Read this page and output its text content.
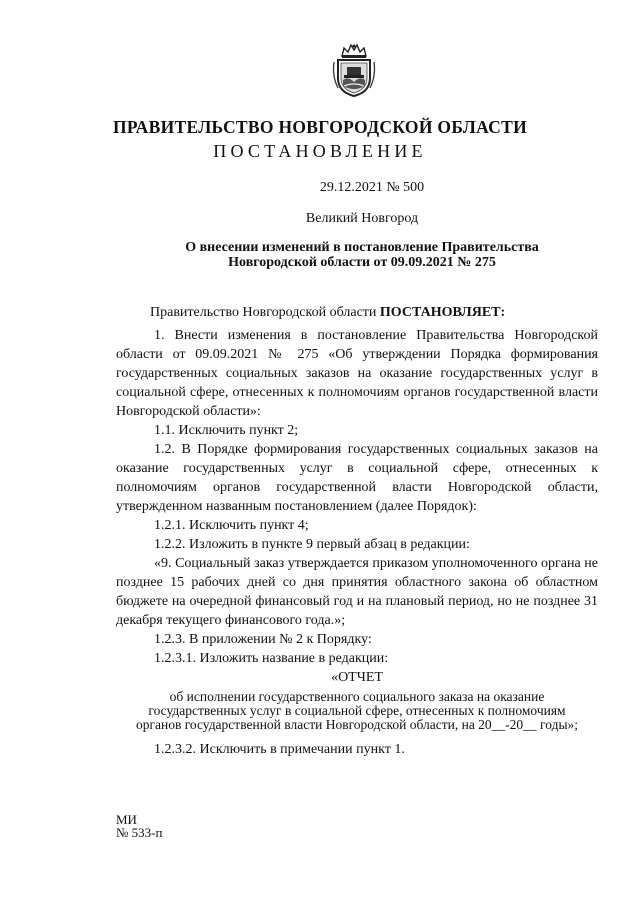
ПРАВИТЕЛЬСТВО НОВГОРОДСКОЙ ОБЛАСТИ
ПОСТАНОВЛЕНИЕ
29.12.2021 № 500
Великий Новгород
О внесении изменений в постановление Правительства
Новгородской области от 09.09.2021 № 275

Правительство Новгородской области ПОСТАНОВЛЯЕТ:

1. Внести изменения в постановление Правительства Новгородской области от 09.09.2021 № 275 «Об утверждении Порядка формирования государственных социальных заказов на оказание государственных услуг в социальной сфере, отнесенных к полномочиям органов государственной власти Новгородской области»:

1.1. Исключить пункт 2;

1.2. В Порядке формирования государственных социальных заказов на оказание государственных услуг в социальной сфере, отнесенных к полномочиям органов государственной власти Новгородской области, утвержденном названным постановлением (далее Порядок):

1.2.1. Исключить пункт 4;

1.2.2. Изложить в пункте 9 первый абзац в редакции:

«9. Социальный заказ утверждается приказом уполномоченного органа не позднее 15 рабочих дней со дня принятия областного закона об областном бюджете на очередной финансовый год и на плановый период, но не позднее 31 декабря текущего финансового года.»;

1.2.3. В приложении № 2 к Порядку:

1.2.3.1. Изложить название в редакции:

«ОТЧЕТ

об исполнении государственного социального заказа на оказание
государственных услуг в социальной сфере, отнесенных к полномочиям
органов государственной власти Новгородской области, на 20__-20__ годы»;

1.2.3.2. Исключить в примечании пункт 1.

МИ
№ 533-п
